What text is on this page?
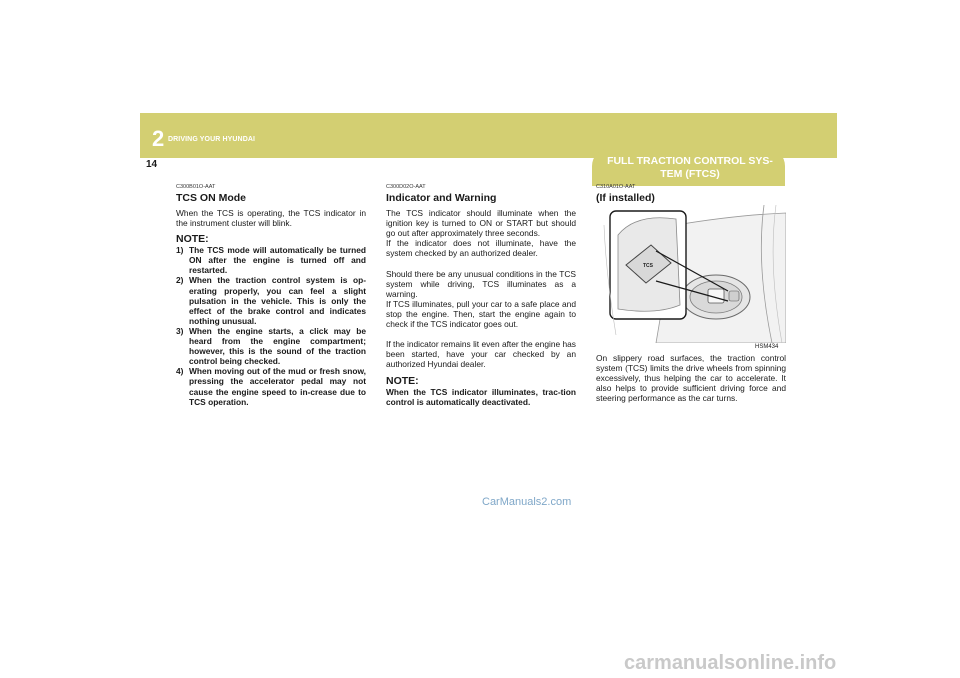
2 DRIVING YOUR HYUNDAI
14	FULL TRACTION CONTROL SYS-
TEM (FTCS)

C300B01O-AAT

TCS ON Mode

When the TCS is operating, the TCS indicator in the instrument cluster will blink.

NOTE:

1) The TCS mode will automatically be turned ON after the engine is turned off and restarted.
2) When the traction control system is op-erating properly, you can feel a slight pulsation in the vehicle. This is only the effect of the brake control and indicates nothing unusual.
3) When the engine starts, a click may be heard from the engine compartment; however, this is the sound of the traction control being checked.
4) When moving out of the mud or fresh snow, pressing the accelerator pedal may not cause the engine speed to in-crease due to TCS operation.

C300D02O-AAT

Indicator and Warning

The TCS indicator should illuminate when the ignition key is turned to ON or START but should go out after approximately three seconds.
If the indicator does not illuminate, have the system checked by an authorized dealer.

Should there be any unusual conditions in the TCS system while driving, TCS illuminates as a warning.
If TCS illuminates, pull your car to a safe place and stop the engine. Then, start the engine again to check if the TCS indicator goes out.

If the indicator remains lit even after the engine has been started, have your car checked by an authorized Hyundai dealer.

NOTE:

When the TCS indicator illuminates, trac-tion control is automatically deactivated.

C310A01O-AAT

(If installed)

TCS
HSM434

On slippery road surfaces, the traction control system (TCS) limits the drive wheels from spinning excessively, thus helping the car to accelerate. It also helps to provide sufficient driving force and steering performance as the car turns.

CarManuals2.com
carmanualsonline.info
